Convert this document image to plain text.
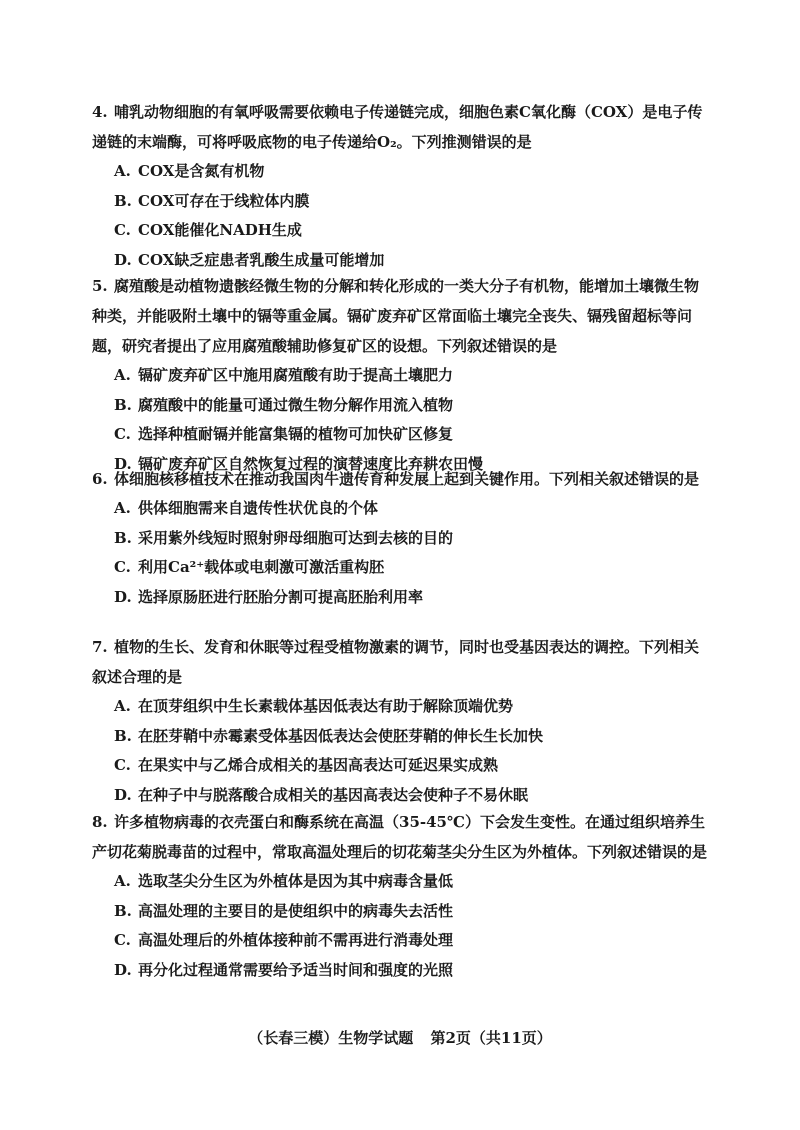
4. 哺乳动物细胞的有氧呼吸需要依赖电子传递链完成，细胞色素C氧化酶（COX）是电子传递链的末端酶，可将呼吸底物的电子传递给O₂。下列推测错误的是

A. COX是含氮有机物
B. COX可存在于线粒体内膜
C. COX能催化NADH生成
D. COX缺乏症患者乳酸生成量可能增加

5. 腐殖酸是动植物遗骸经微生物的分解和转化形成的一类大分子有机物，能增加土壤微生物种类，并能吸附土壤中的镉等重金属。镉矿废弃矿区常面临土壤完全丧失、镉残留超标等问题，研究者提出了应用腐殖酸辅助修复矿区的设想。下列叙述错误的是

A. 镉矿废弃矿区中施用腐殖酸有助于提高土壤肥力
B. 腐殖酸中的能量可通过微生物分解作用流入植物
C. 选择种植耐镉并能富集镉的植物可加快矿区修复
D. 镉矿废弃矿区自然恢复过程的演替速度比弃耕农田慢

6. 体细胞核移植技术在推动我国肉牛遗传育种发展上起到关键作用。下列相关叙述错误的是

A. 供体细胞需来自遗传性状优良的个体
B. 采用紫外线短时照射卵母细胞可达到去核的目的
C. 利用Ca²⁺载体或电刺激可激活重构胚
D. 选择原肠胚进行胚胎分割可提高胚胎利用率

7. 植物的生长、发育和休眠等过程受植物激素的调节，同时也受基因表达的调控。下列相关叙述合理的是

A. 在顶芽组织中生长素载体基因低表达有助于解除顶端优势
B. 在胚芽鞘中赤霉素受体基因低表达会使胚芽鞘的伸长生长加快
C. 在果实中与乙烯合成相关的基因高表达可延迟果实成熟
D. 在种子中与脱落酸合成相关的基因高表达会使种子不易休眠

8. 许多植物病毒的衣壳蛋白和酶系统在高温（35-45℃）下会发生变性。在通过组织培养生产切花菊脱毒苗的过程中，常取高温处理后的切花菊茎尖分生区为外植体。下列叙述错误的是

A. 选取茎尖分生区为外植体是因为其中病毒含量低
B. 高温处理的主要目的是使组织中的病毒失去活性
C. 高温处理后的外植体接种前不需再进行消毒处理
D. 再分化过程通常需要给予适当时间和强度的光照
（长春三模）生物学试题 第2页（共11页）
